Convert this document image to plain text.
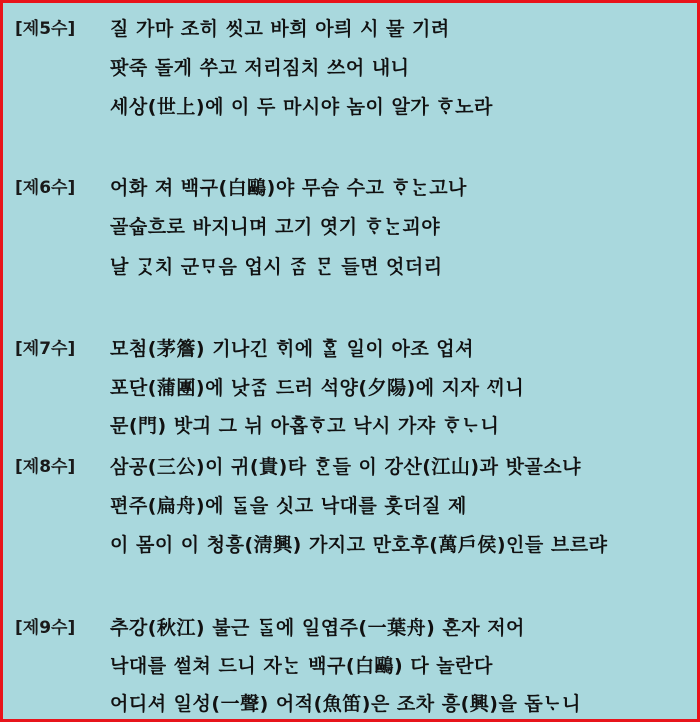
[제5수] 질 가마 조히 씻고 바희 아릐 시 물 기려
팟죽 돌게 쑤고 저리짐치 쓰어 내니
세상(世上)에 이 두 마시야 놈이 알가 ᄒᆞ노라
[제6수] 어화 져 백구(白鷗)야 무슴 수고 ᄒᆞᄂᆞᆫ고나
골숩흐로 바지니며 고기 엿기 ᄒᆞᄂᆞᆫ괴야
날 ᄀᆞᆺ치 군ᄆᆞ음 업시 ᄌᆞᆷ ᄆᆞᆫ 들면 엇더리
[제7수] 모첨(茅簷) 기나긴 ᄒᆡ에 ᄒᆞᆯ 일이 아조 업셔
포단(蒲團)에 낫ᄌᆞᆷ 드러 석양(夕陽)에 지자 ᄭᆡ니
문(門) 밧긔 그 뉘 아홉ᄒᆞ고 낙시 가쟈 ᄒᆞᄂᆞ니
[제8수] 삼공(三公)이 귀(貴)타 ᄒᆞᆫ들 이 강산(江山)과 밧골소냐
편주(扁舟)에 ᄃᆞᆯ을 싯고 낙대를 훗더질 제
이 몸이 이 청흥(淸興) 가지고 만호후(萬戶侯)인들 브르랴
[제9수] 추강(秋江) 불근 ᄃᆞᆯ에 일엽주(一葉舟) 혼자 저어
낙대를 썰쳐 드니 자ᄂᆞᆫ 백구(白鷗) 다 놀란다
어디셔 일성(一聲) 어적(魚笛)은 조차 흥(興)을 돕ᄂᆞ니
